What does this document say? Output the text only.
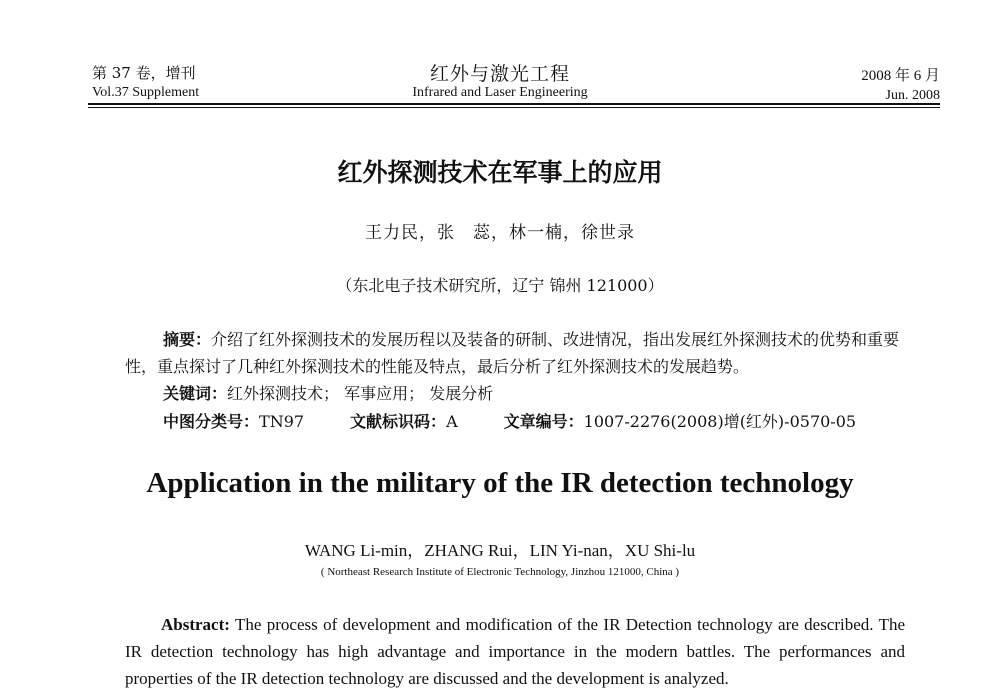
第 37 卷，增刊
Vol.37 Supplement
红外与激光工程
Infrared and Laser Engineering
2008 年 6 月
Jun. 2008
红外探测技术在军事上的应用
王力民，张　蕊，林一楠，徐世录
（东北电子技术研究所，辽宁 锦州 121000）
摘要：介绍了红外探测技术的发展历程以及装备的研制、改进情况，指出发展红外探测技术的优势和重要性，重点探讨了几种红外探测技术的性能及特点，最后分析了红外探测技术的发展趋势。
关键词：红外探测技术； 军事应用； 发展分析
中图分类号：TN97	文献标识码：A	文章编号：1007-2276(2008)增(红外)-0570-05
Application in the military of the IR detection technology
WANG Li-min，ZHANG Rui，LIN Yi-nan，XU Shi-lu
( Northeast Research Institute of Electronic Technology, Jinzhou 121000, China )
Abstract: The process of development and modification of the IR Detection technology are described. The IR detection technology has high advantage and importance in the modern battles. The performances and properties of the IR detection technology are discussed and the development is analyzed.
